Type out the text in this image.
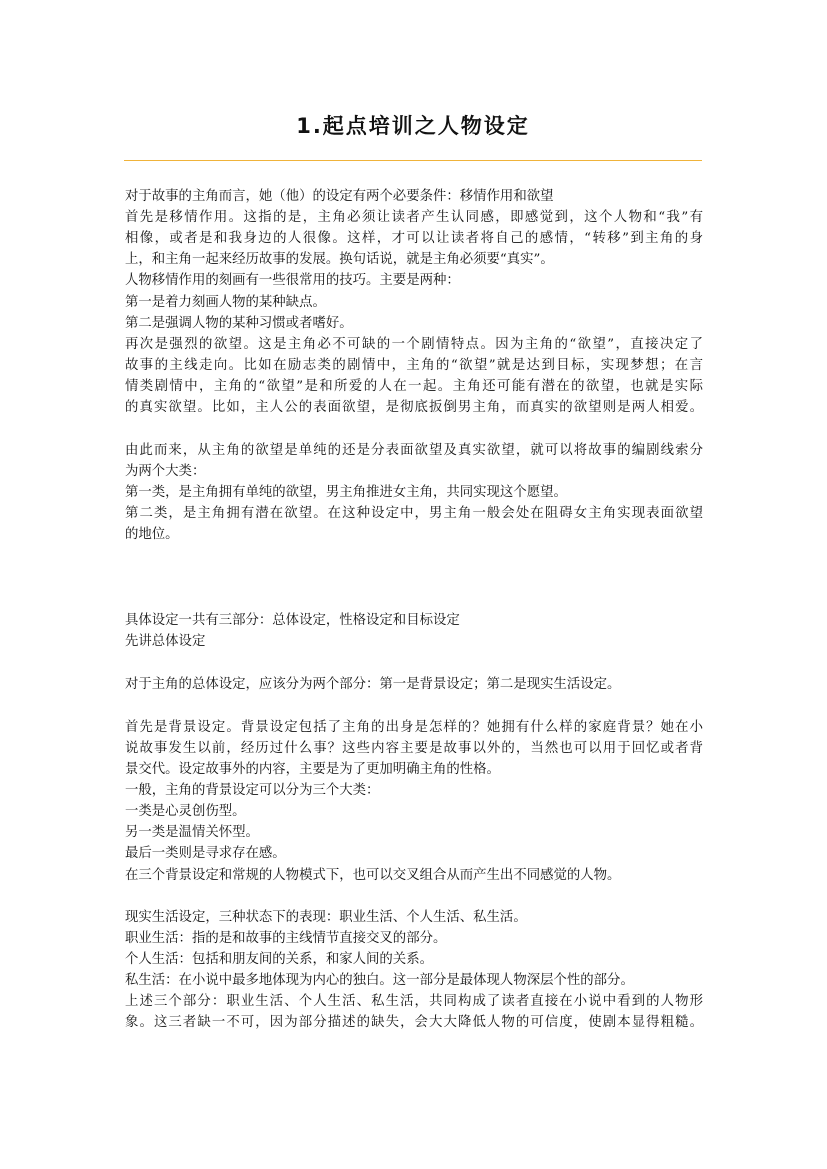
1.起点培训之人物设定
对于故事的主角而言，她（他）的设定有两个必要条件：移情作用和欲望
首先是移情作用。这指的是，主角必须让读者产生认同感，即感觉到，这个人物和“我”有
相像，或者是和我身边的人很像。这样，才可以让读者将自己的感情，“转移”到主角的身
上，和主角一起来经历故事的发展。换句话说，就是主角必须要“真实”。
人物移情作用的刻画有一些很常用的技巧。主要是两种：
第一是着力刻画人物的某种缺点。
第二是强调人物的某种习惯或者嗜好。
再次是强烈的欲望。这是主角必不可缺的一个剧情特点。因为主角的“欲望”，直接决定了
故事的主线走向。比如在励志类的剧情中，主角的“欲望”就是达到目标，实现梦想；在言
情类剧情中，主角的“欲望”是和所爱的人在一起。主角还可能有潜在的欲望，也就是实际
的真实欲望。比如，主人公的表面欲望，是彻底扳倒男主角，而真实的欲望则是两人相爱。
由此而来，从主角的欲望是单纯的还是分表面欲望及真实欲望，就可以将故事的编剧线索分
为两个大类：
第一类，是主角拥有单纯的欲望，男主角推进女主角，共同实现这个愿望。
第二类，是主角拥有潜在欲望。在这种设定中，男主角一般会处在阻碍女主角实现表面欲望
的地位。
具体设定一共有三部分：总体设定，性格设定和目标设定
先讲总体设定
对于主角的总体设定，应该分为两个部分：第一是背景设定；第二是现实生活设定。
首先是背景设定。背景设定包括了主角的出身是怎样的？她拥有什么样的家庭背景？她在小
说故事发生以前，经历过什么事？这些内容主要是故事以外的，当然也可以用于回忆或者背
景交代。设定故事外的内容，主要是为了更加明确主角的性格。
一般，主角的背景设定可以分为三个大类：
一类是心灵创伤型。
另一类是温情关怀型。
最后一类则是寻求存在感。
在三个背景设定和常规的人物模式下，也可以交叉组合从而产生出不同感觉的人物。
现实生活设定，三种状态下的表现：职业生活、个人生活、私生活。
职业生活：指的是和故事的主线情节直接交叉的部分。
个人生活：包括和朋友间的关系，和家人间的关系。
私生活：在小说中最多地体现为内心的独白。这一部分是最体现人物深层个性的部分。
上述三个部分：职业生活、个人生活、私生活，共同构成了读者直接在小说中看到的人物形
象。这三者缺一不可，因为部分描述的缺失，会大大降低人物的可信度，使剧本显得粗糙。
